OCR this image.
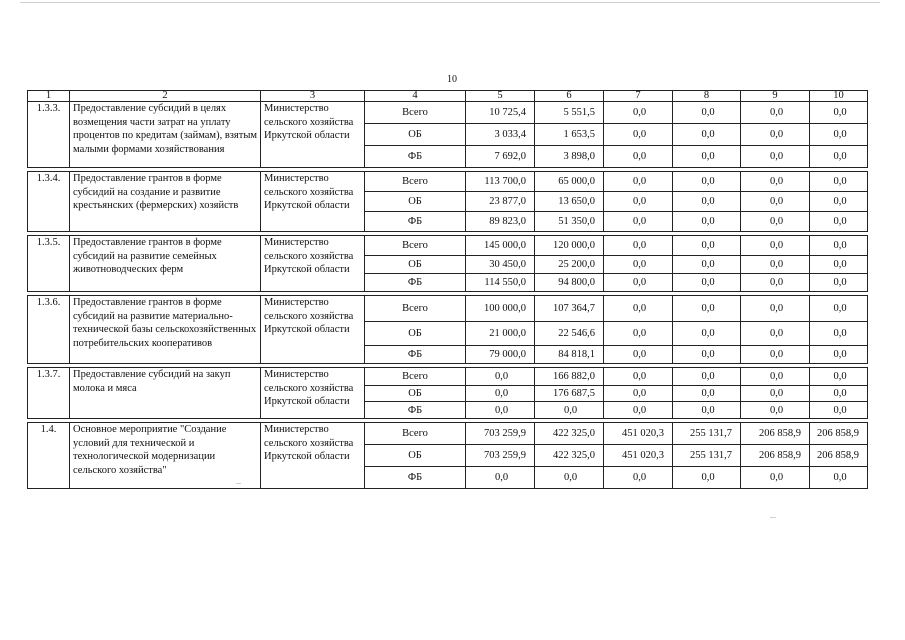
10
1	2	3	4	5	6	7	8	9	10
1.3.3.	Предоставление субсидий в целях возмещения части затрат на уплату процентов по кредитам (займам), взятым малыми формами хозяйствования	Министерство сельского хозяйства Иркутской области	Всего	10 725,4	5 551,5	0,0	0,0	0,0	0,0
			ОБ	3 033,4	1 653,5	0,0	0,0	0,0	0,0
			ФБ	7 692,0	3 898,0	0,0	0,0	0,0	0,0

1.3.4.	Предоставление грантов в форме субсидий на создание и развитие крестьянских (фермерских) хозяйств	Министерство сельского хозяйства Иркутской области	Всего	113 700,0	65 000,0	0,0	0,0	0,0	0,0
			ОБ	23 877,0	13 650,0	0,0	0,0	0,0	0,0
			ФБ	89 823,0	51 350,0	0,0	0,0	0,0	0,0

1.3.5.	Предоставление грантов в форме субсидий на развитие семейных животноводческих ферм	Министерство сельского хозяйства Иркутской области	Всего	145 000,0	120 000,0	0,0	0,0	0,0	0,0
			ОБ	30 450,0	25 200,0	0,0	0,0	0,0	0,0
			ФБ	114 550,0	94 800,0	0,0	0,0	0,0	0,0

1.3.6.	Предоставление грантов в форме субсидий на развитие материально-технической базы сельскохозяйственных потребительских кооперативов	Министерство сельского хозяйства Иркутской области	Всего	100 000,0	107 364,7	0,0	0,0	0,0	0,0
			ОБ	21 000,0	22 546,6	0,0	0,0	0,0	0,0
			ФБ	79 000,0	84 818,1	0,0	0,0	0,0	0,0

1.3.7.	Предоставление субсидий на закуп молока и мяса	Министерство сельского хозяйства Иркутской области	Всего	0,0	166 882,0	0,0	0,0	0,0	0,0
			ОБ	0,0	176 687,5	0,0	0,0	0,0	0,0
			ФБ	0,0	0,0	0,0	0,0	0,0	0,0

1.4.	Основное мероприятие "Создание условий для технической и технологической модернизации сельского хозяйства"	Министерство сельского хозяйства Иркутской области	Всего	703 259,9	422 325,0	451 020,3	255 131,7	206 858,9	206 858,9
			ОБ	703 259,9	422 325,0	451 020,3	255 131,7	206 858,9	206 858,9
			ФБ	0,0	0,0	0,0	0,0	0,0	0,0
